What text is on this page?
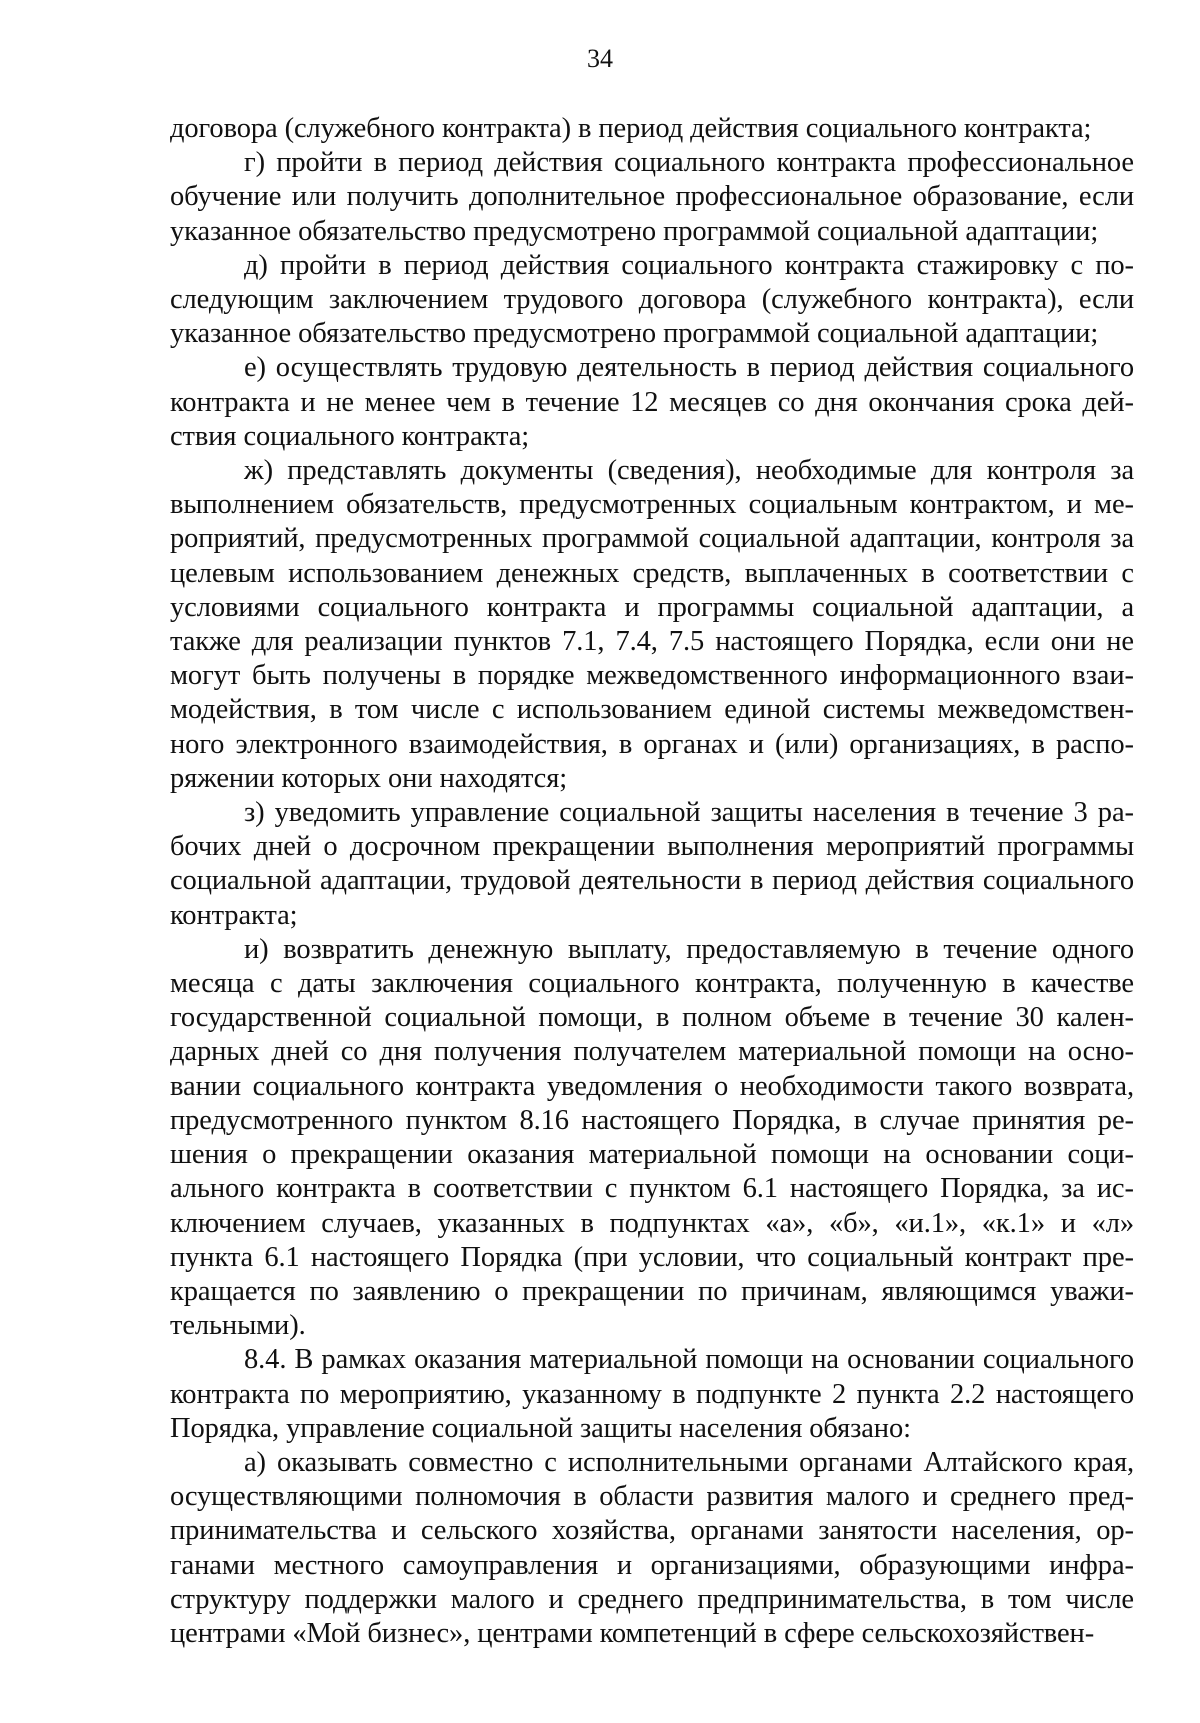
34

договора (служебного контракта) в период действия социального контракта;

г) пройти в период действия социального контракта профессиональное обучение или получить дополнительное профессиональное образование, если указанное обязательство предусмотрено программой социальной адаптации;

д) пройти в период действия социального контракта стажировку с последующим заключением трудового договора (служебного контракта), если указанное обязательство предусмотрено программой социальной адаптации;

е) осуществлять трудовую деятельность в период действия социального контракта и не менее чем в течение 12 месяцев со дня окончания срока действия социального контракта;

ж) представлять документы (сведения), необходимые для контроля за выполнением обязательств, предусмотренных социальным контрактом, и мероприятий, предусмотренных программой социальной адаптации, контроля за целевым использованием денежных средств, выплаченных в соответствии с условиями социального контракта и программы социальной адаптации, а также для реализации пунктов 7.1, 7.4, 7.5 настоящего Порядка, если они не могут быть получены в порядке межведомственного информационного взаимодействия, в том числе с использованием единой системы межведомственного электронного взаимодействия, в органах и (или) организациях, в распоряжении которых они находятся;

з) уведомить управление социальной защиты населения в течение 3 рабочих дней о досрочном прекращении выполнения мероприятий программы социальной адаптации, трудовой деятельности в период действия социального контракта;

и) возвратить денежную выплату, предоставляемую в течение одного месяца с даты заключения социального контракта, полученную в качестве государственной социальной помощи, в полном объеме в течение 30 календарных дней со дня получения получателем материальной помощи на основании социального контракта уведомления о необходимости такого возврата, предусмотренного пунктом 8.16 настоящего Порядка, в случае принятия решения о прекращении оказания материальной помощи на основании социального контракта в соответствии с пунктом 6.1 настоящего Порядка, за исключением случаев, указанных в подпунктах «а», «б», «и.1», «к.1» и «л» пункта 6.1 настоящего Порядка (при условии, что социальный контракт прекращается по заявлению о прекращении по причинам, являющимся уважительными).

8.4. В рамках оказания материальной помощи на основании социального контракта по мероприятию, указанному в подпункте 2 пункта 2.2 настоящего Порядка, управление социальной защиты населения обязано:

а) оказывать совместно с исполнительными органами Алтайского края, осуществляющими полномочия в области развития малого и среднего предпринимательства и сельского хозяйства, органами занятости населения, органами местного самоуправления и организациями, образующими инфраструктуру поддержки малого и среднего предпринимательства, в том числе центрами «Мой бизнес», центрами компетенций в сфере сельскохозяйствен-
